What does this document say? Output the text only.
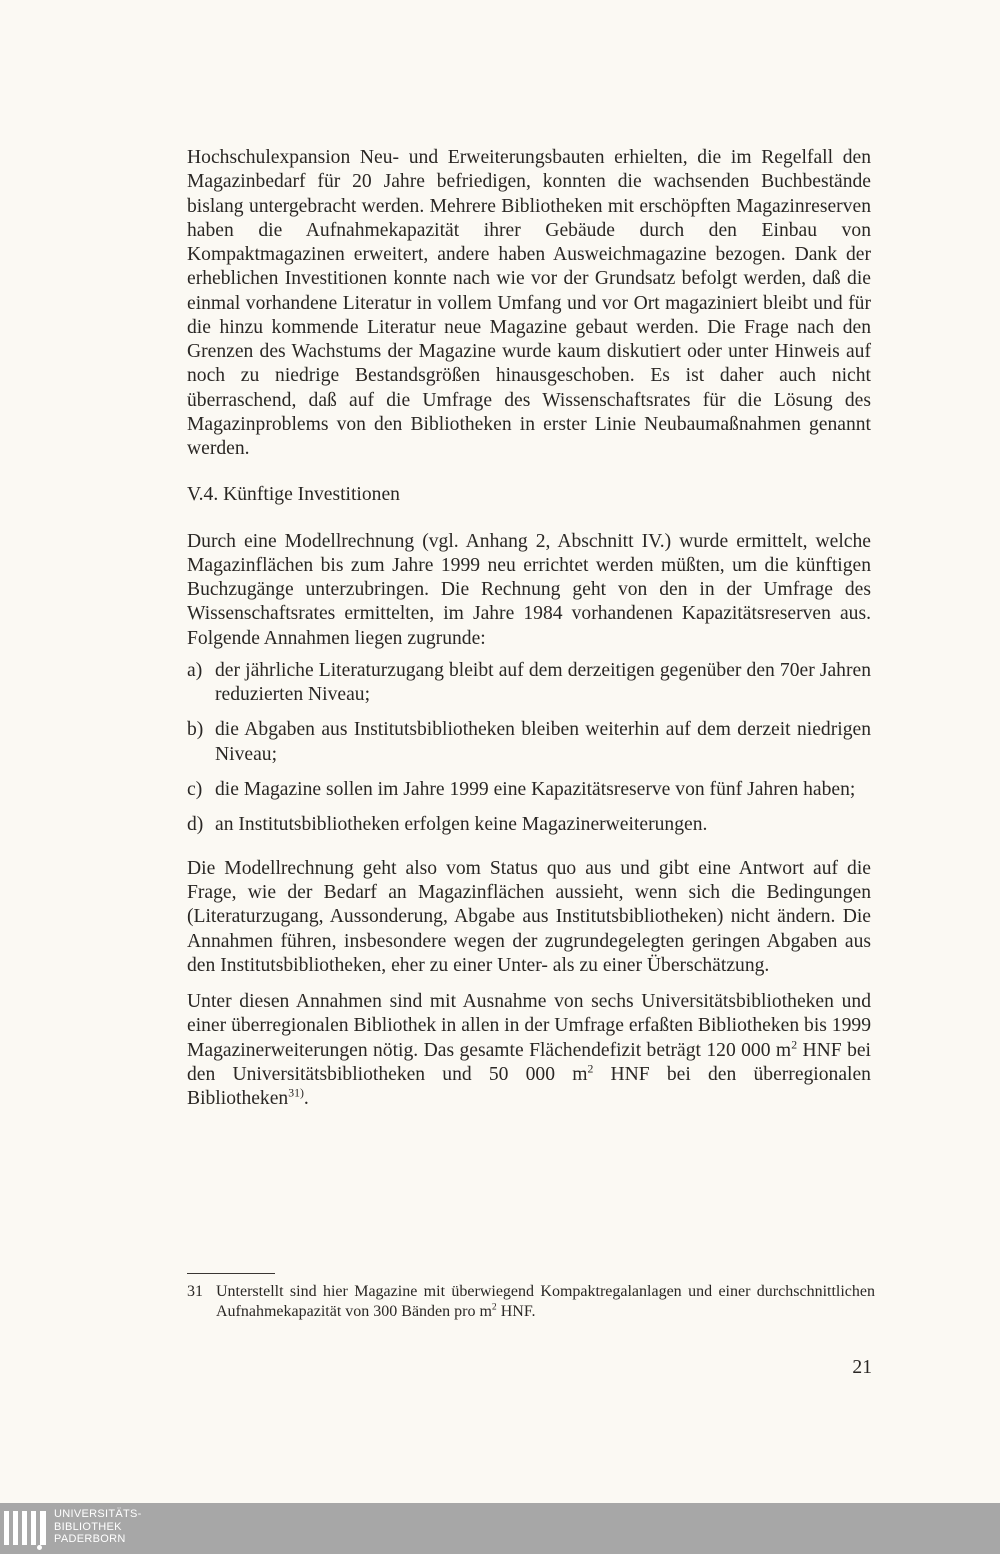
Hochschulexpansion Neu- und Erweiterungsbauten erhielten, die im Regelfall den Magazinbedarf für 20 Jahre befriedigen, konnten die wachsenden Buchbestände bislang untergebracht werden. Mehrere Bibliotheken mit erschöpften Magazinreserven haben die Aufnahmekapazität ihrer Gebäude durch den Einbau von Kompaktmagazinen erweitert, andere haben Ausweichmagazine bezogen. Dank der erheblichen Investitionen konnte nach wie vor der Grundsatz befolgt werden, daß die einmal vorhandene Literatur in vollem Umfang und vor Ort magaziniert bleibt und für die hinzu kommende Literatur neue Magazine gebaut werden. Die Frage nach den Grenzen des Wachstums der Magazine wurde kaum diskutiert oder unter Hinweis auf noch zu niedrige Bestandsgrößen hinausgeschoben. Es ist daher auch nicht überraschend, daß auf die Umfrage des Wissenschaftsrates für die Lösung des Magazinproblems von den Bibliotheken in erster Linie Neubaumaßnahmen genannt werden.

V.4. Künftige Investitionen

Durch eine Modellrechnung (vgl. Anhang 2, Abschnitt IV.) wurde ermittelt, welche Magazinflächen bis zum Jahre 1999 neu errichtet werden müßten, um die künftigen Buchzugänge unterzubringen. Die Rechnung geht von den in der Umfrage des Wissenschaftsrates ermittelten, im Jahre 1984 vorhandenen Kapazitätsreserven aus. Folgende Annahmen liegen zugrunde:

a) der jährliche Literaturzugang bleibt auf dem derzeitigen gegenüber den 70er Jahren reduzierten Niveau;
b) die Abgaben aus Institutsbibliotheken bleiben weiterhin auf dem derzeit niedrigen Niveau;
c) die Magazine sollen im Jahre 1999 eine Kapazitätsreserve von fünf Jahren haben;
d) an Institutsbibliotheken erfolgen keine Magazinerweiterungen.

Die Modellrechnung geht also vom Status quo aus und gibt eine Antwort auf die Frage, wie der Bedarf an Magazinflächen aussieht, wenn sich die Bedingungen (Literaturzugang, Aussonderung, Abgabe aus Institutsbibliotheken) nicht ändern. Die Annahmen führen, insbesondere wegen der zugrundegelegten geringen Abgaben aus den Institutsbibliotheken, eher zu einer Unter- als zu einer Überschätzung.

Unter diesen Annahmen sind mit Ausnahme von sechs Universitätsbibliotheken und einer überregionalen Bibliothek in allen in der Umfrage erfaßten Bibliotheken bis 1999 Magazinerweiterungen nötig. Das gesamte Flächendefizit beträgt 120 000 $m^2$ HNF bei den Universitätsbibliotheken und 50 000 $m^2$ HNF bei den überregionalen Bibliotheken$^{31)}$.

31 Unterstellt sind hier Magazine mit überwiegend Kompaktregalanlagen und einer durchschnittlichen Aufnahmekapazität von 300 Bänden pro $m^2$ HNF.
21
UNIVERSITÄTS-
BIBLIOTHEK
PADERBORN
